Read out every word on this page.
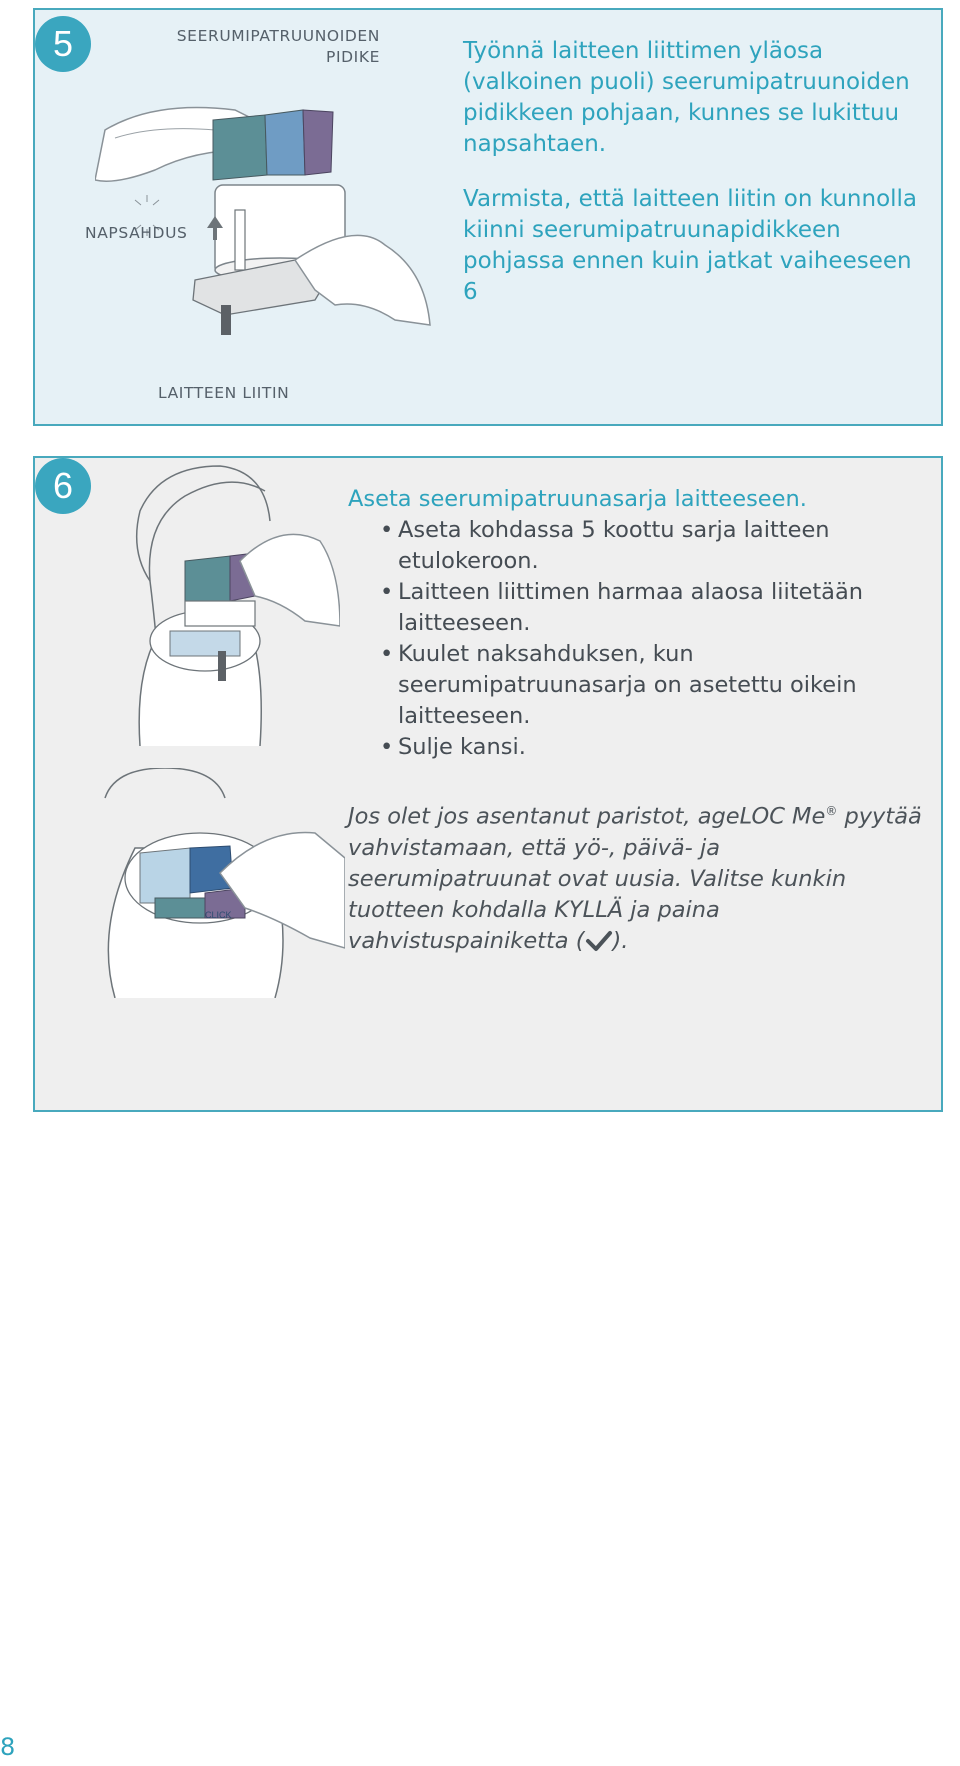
5	SEERUMIPATRUUNOIDEN
PIDIKE
NAPSAHDUS
LAITTEEN LIITIN

Työnnä laitteen liittimen yläosa (valkoinen puoli) seerumipatruunoiden pidikkeen pohjaan, kunnes se lukittuu napsahtaen.

Varmista, että laitteen liitin on kunnolla kiinni seerumipatruunapidikkeen pohjassa ennen kuin jatkat vaiheeseen 6

6
CLICK
Aseta seerumipatruunasarja laitteeseen.
• Aseta kohdassa 5 koottu sarja laitteen etulokeroon.
• Laitteen liittimen harmaa alaosa liitetään laitteeseen.
• Kuulet naksahduksen, kun seerumipatruunasarja on asetettu oikein laitteeseen.
• Sulje kansi.

Jos olet jos asentanut paristot, ageLOC Me® pyytää vahvistamaan, että yö-, päivä- ja seerumipatruunat ovat uusia. Valitse kunkin tuotteen kohdalla KYLLÄ ja paina vahvistuspainiketta ( ).

8
